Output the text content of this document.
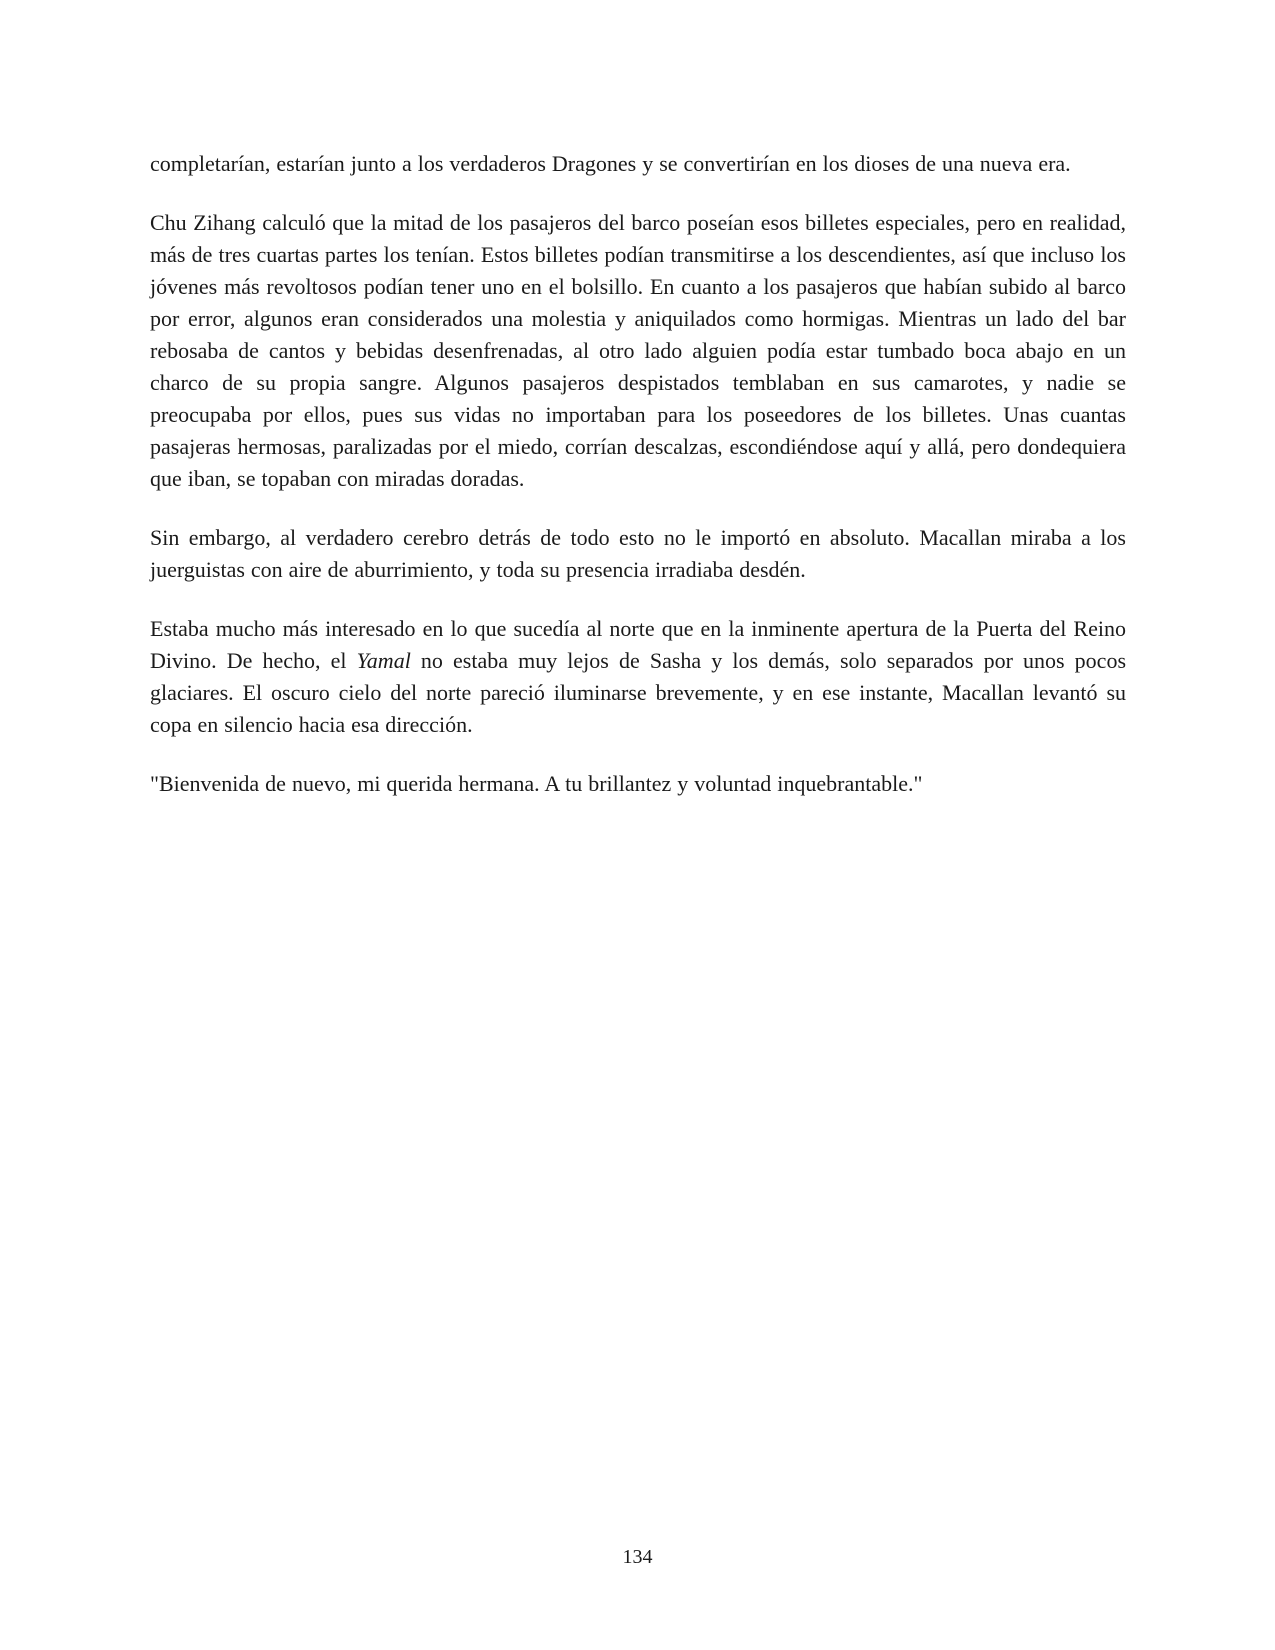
completarían, estarían junto a los verdaderos Dragones y se convertirían en los dioses de una nueva era.

Chu Zihang calculó que la mitad de los pasajeros del barco poseían esos billetes especiales, pero en realidad, más de tres cuartas partes los tenían. Estos billetes podían transmitirse a los descendientes, así que incluso los jóvenes más revoltosos podían tener uno en el bolsillo. En cuanto a los pasajeros que habían subido al barco por error, algunos eran considerados una molestia y aniquilados como hormigas. Mientras un lado del bar rebosaba de cantos y bebidas desenfrenadas, al otro lado alguien podía estar tumbado boca abajo en un charco de su propia sangre. Algunos pasajeros despistados temblaban en sus camarotes, y nadie se preocupaba por ellos, pues sus vidas no importaban para los poseedores de los billetes. Unas cuantas pasajeras hermosas, paralizadas por el miedo, corrían descalzas, escondiéndose aquí y allá, pero dondequiera que iban, se topaban con miradas doradas.

Sin embargo, al verdadero cerebro detrás de todo esto no le importó en absoluto. Macallan miraba a los juerguistas con aire de aburrimiento, y toda su presencia irradiaba desdén.

Estaba mucho más interesado en lo que sucedía al norte que en la inminente apertura de la Puerta del Reino Divino. De hecho, el Yamal no estaba muy lejos de Sasha y los demás, solo separados por unos pocos glaciares. El oscuro cielo del norte pareció iluminarse brevemente, y en ese instante, Macallan levantó su copa en silencio hacia esa dirección.

"Bienvenida de nuevo, mi querida hermana. A tu brillantez y voluntad inquebrantable."

134
